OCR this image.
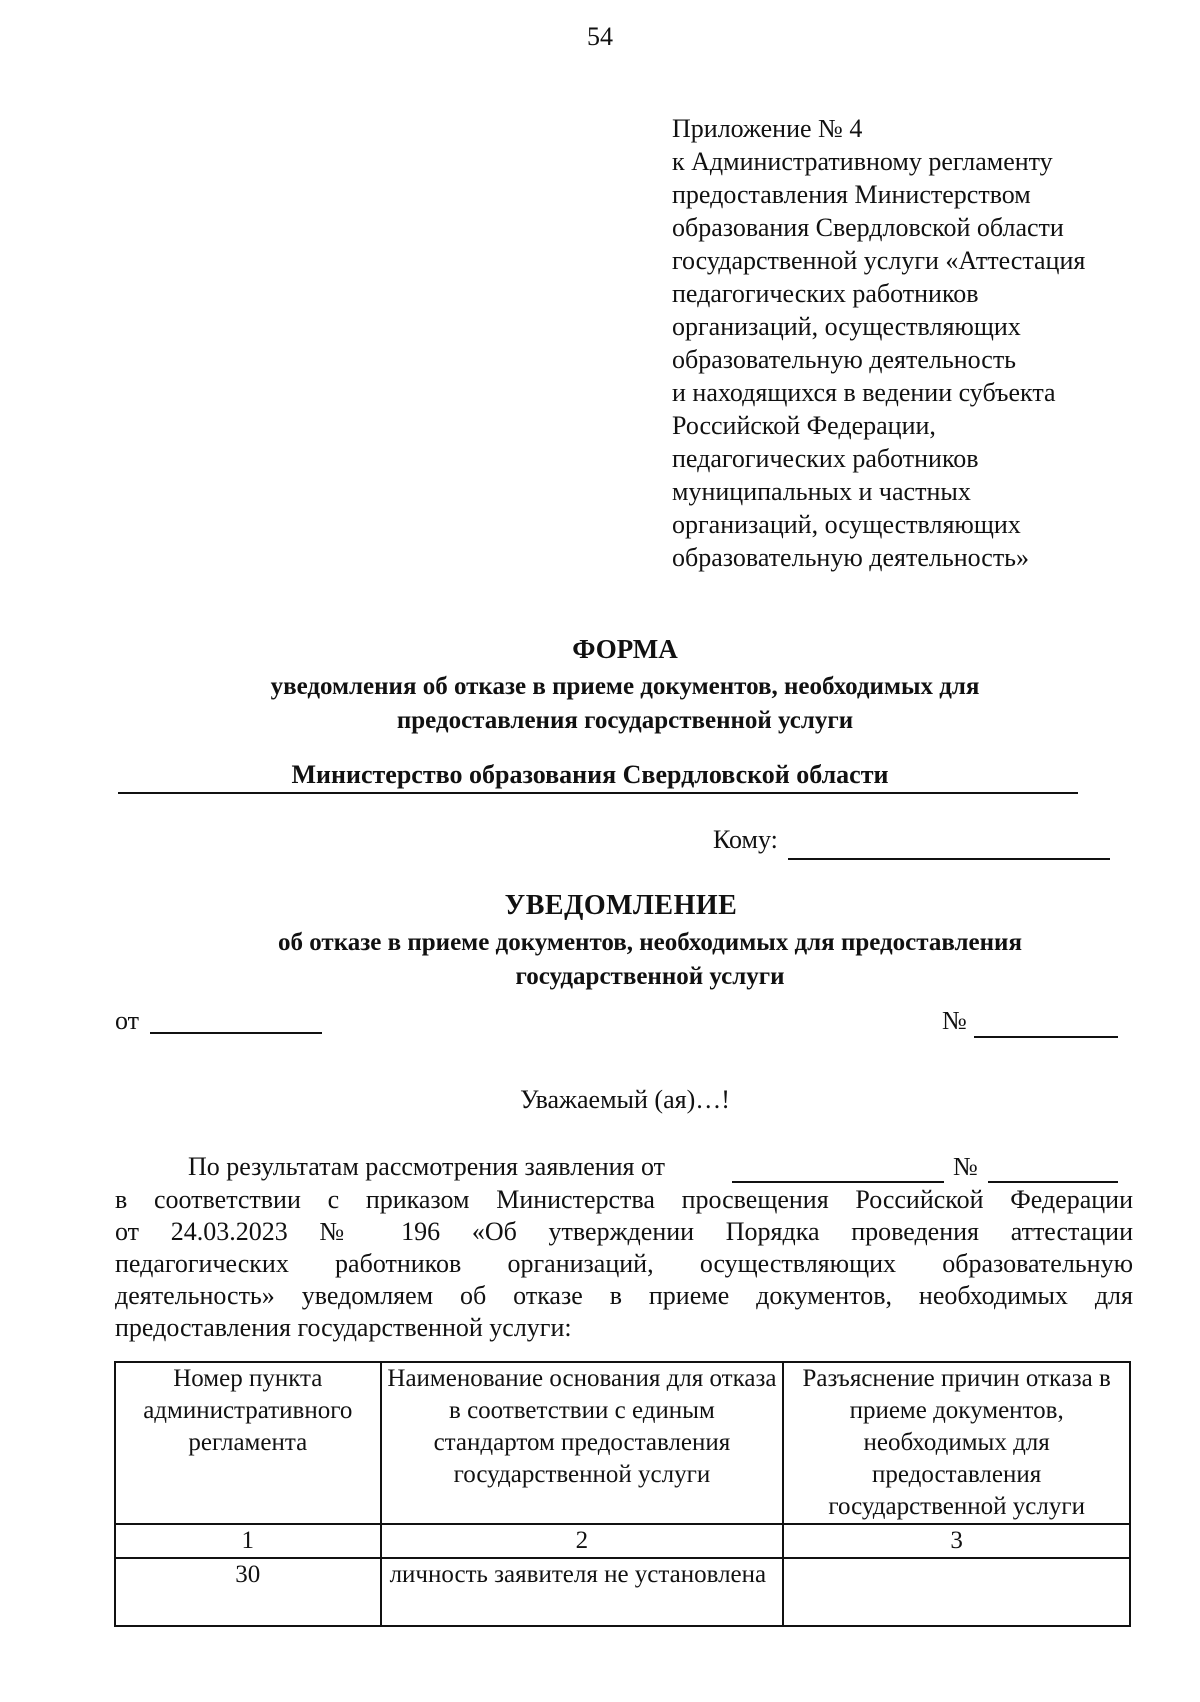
54
Приложение № 4
к Административному регламенту
предоставления Министерством
образования Свердловской области
государственной услуги «Аттестация
педагогических работников
организаций, осуществляющих
образовательную деятельность
и находящихся в ведении субъекта
Российской Федерации,
педагогических работников
муниципальных и частных
организаций, осуществляющих
образовательную деятельность»
ФОРМА
уведомления об отказе в приеме документов, необходимых для
предоставления государственной услуги
Министерство образования Свердловской области
Кому:
УВЕДОМЛЕНИЕ
об отказе в приеме документов, необходимых для предоставления
государственной услуги
от	№
Уважаемый (ая)…!
По результатам рассмотрения заявления от	№
в соответствии с приказом Министерства просвещения Российской Федерации
от 24.03.2023 № 196 «Об утверждении Порядка проведения аттестации
педагогических работников организаций, осуществляющих образовательную
деятельность» уведомляем об отказе в приеме документов, необходимых для
предоставления государственной услуги:
Номер пункта административного регламента	Наименование основания для отказа в соответствии с единым стандартом предоставления государственной услуги	Разъяснение причин отказа в приеме документов, необходимых для предоставления государственной услуги
1	2	3
30	личность заявителя не установлена	
